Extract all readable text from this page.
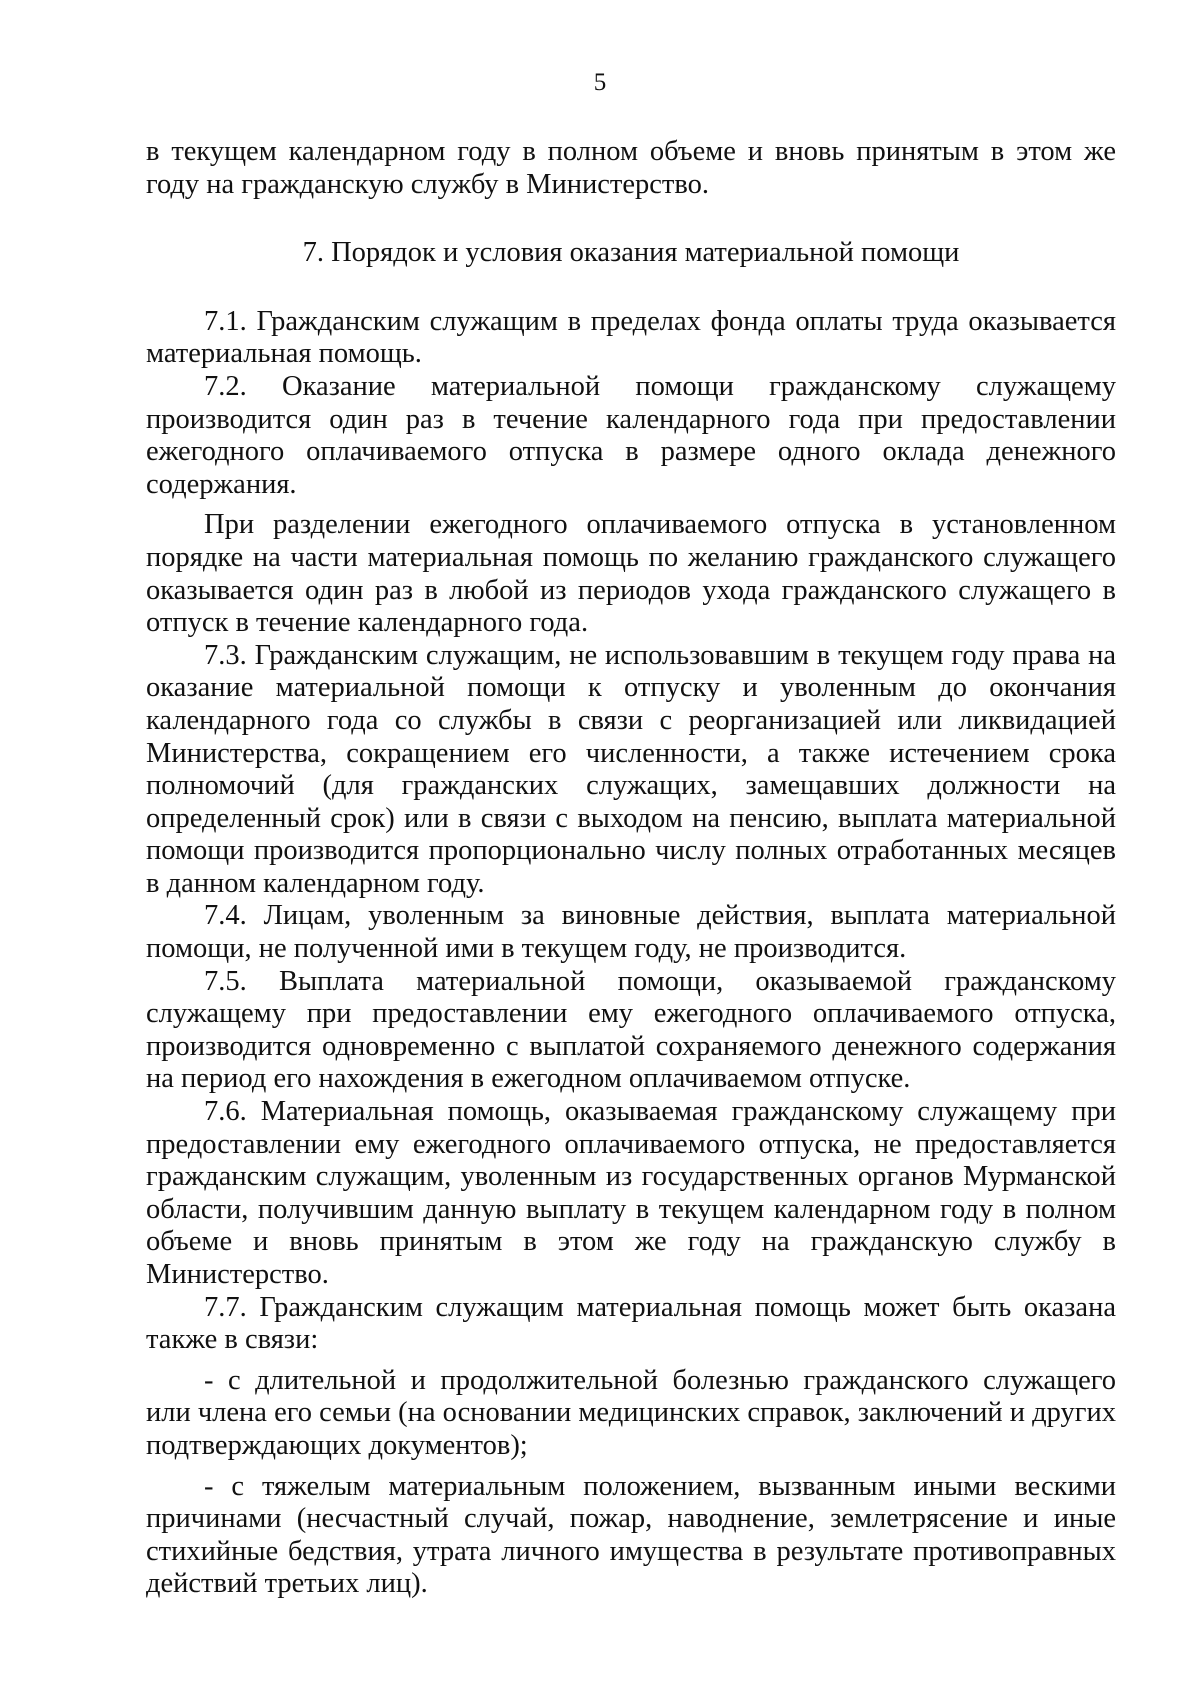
5

в текущем календарном году в полном объеме и вновь принятым в этом же году на гражданскую службу в Министерство.

7. Порядок и условия оказания материальной помощи

7.1. Гражданским служащим в пределах фонда оплаты труда оказывается материальная помощь.

7.2. Оказание материальной помощи гражданскому служащему производится один раз в течение календарного года при предоставлении ежегодного оплачиваемого отпуска в размере одного оклада денежного содержания.

При разделении ежегодного оплачиваемого отпуска в установленном порядке на части материальная помощь по желанию гражданского служащего оказывается один раз в любой из периодов ухода гражданского служащего в отпуск в течение календарного года.

7.3. Гражданским служащим, не использовавшим в текущем году права на оказание материальной помощи к отпуску и уволенным до окончания календарного года со службы в связи с реорганизацией или ликвидацией Министерства, сокращением его численности, а также истечением срока полномочий (для гражданских служащих, замещавших должности на определенный срок) или в связи с выходом на пенсию, выплата материальной помощи производится пропорционально числу полных отработанных месяцев в данном календарном году.

7.4. Лицам, уволенным за виновные действия, выплата материальной помощи, не полученной ими в текущем году, не производится.

7.5. Выплата материальной помощи, оказываемой гражданскому служащему при предоставлении ему ежегодного оплачиваемого отпуска, производится одновременно с выплатой сохраняемого денежного содержания на период его нахождения в ежегодном оплачиваемом отпуске.

7.6. Материальная помощь, оказываемая гражданскому служащему при предоставлении ему ежегодного оплачиваемого отпуска, не предоставляется гражданским служащим, уволенным из государственных органов Мурманской области, получившим данную выплату в текущем календарном году в полном объеме и вновь принятым в этом же году на гражданскую службу в Министерство.

7.7. Гражданским служащим материальная помощь может быть оказана также в связи:

- с длительной и продолжительной болезнью гражданского служащего или члена его семьи (на основании медицинских справок, заключений и других подтверждающих документов);

- с тяжелым материальным положением, вызванным иными вескими причинами (несчастный случай, пожар, наводнение, землетрясение и иные стихийные бедствия, утрата личного имущества в результате противоправных действий третьих лиц).
